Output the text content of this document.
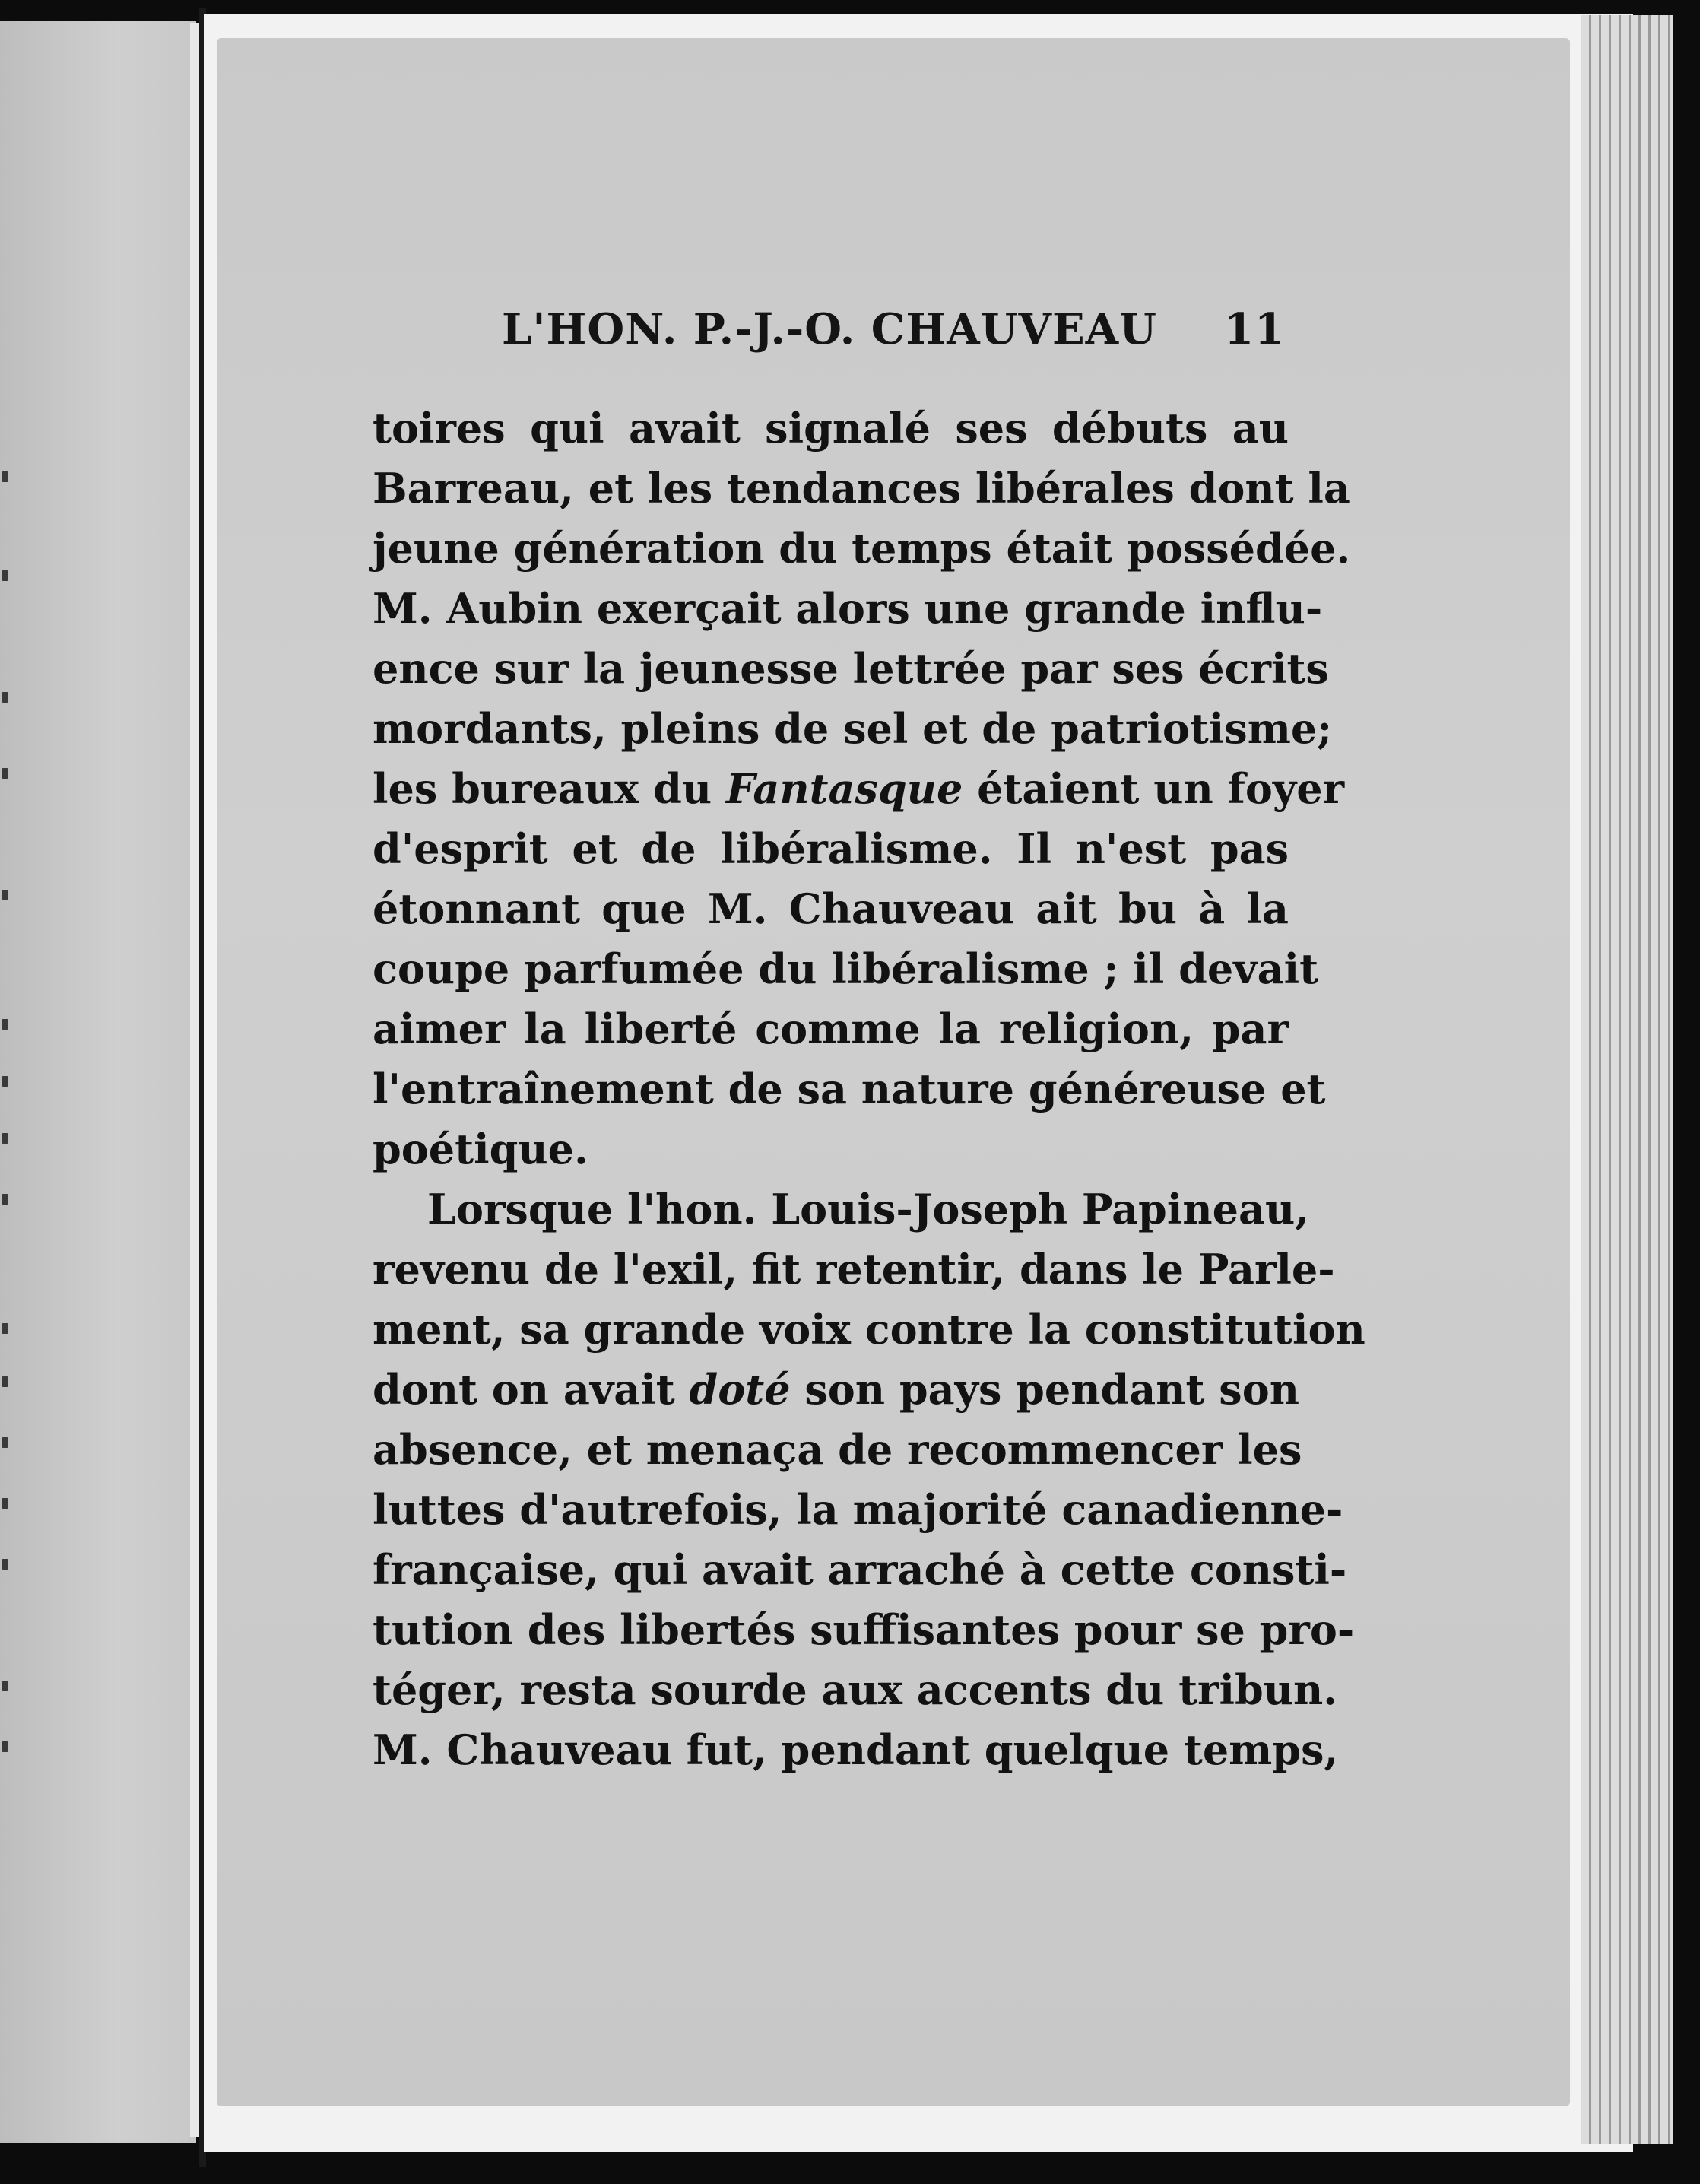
L'HON. P.-J.-O. CHAUVEAU 11
toires qui avait signalé ses débuts au
Barreau, et les tendances libérales dont la
jeune génération du temps était possédée.
M. Aubin exerçait alors une grande influ-
ence sur la jeunesse lettrée par ses écrits
mordants, pleins de sel et de patriotisme;
les bureaux du Fantasque étaient un foyer
d'esprit et de libéralisme. Il n'est pas
étonnant que M. Chauveau ait bu à la
coupe parfumée du libéralisme ; il devait
aimer la liberté comme la religion, par
l'entraînement de sa nature généreuse et
poétique.
Lorsque l'hon. Louis-Joseph Papineau,
revenu de l'exil, fit retentir, dans le Parle-
ment, sa grande voix contre la constitution
dont on avait doté son pays pendant son
absence, et menaça de recommencer les
luttes d'autrefois, la majorité canadienne-
française, qui avait arraché à cette consti-
tution des libertés suffisantes pour se pro-
téger, resta sourde aux accents du tribun.
M. Chauveau fut, pendant quelque temps,
